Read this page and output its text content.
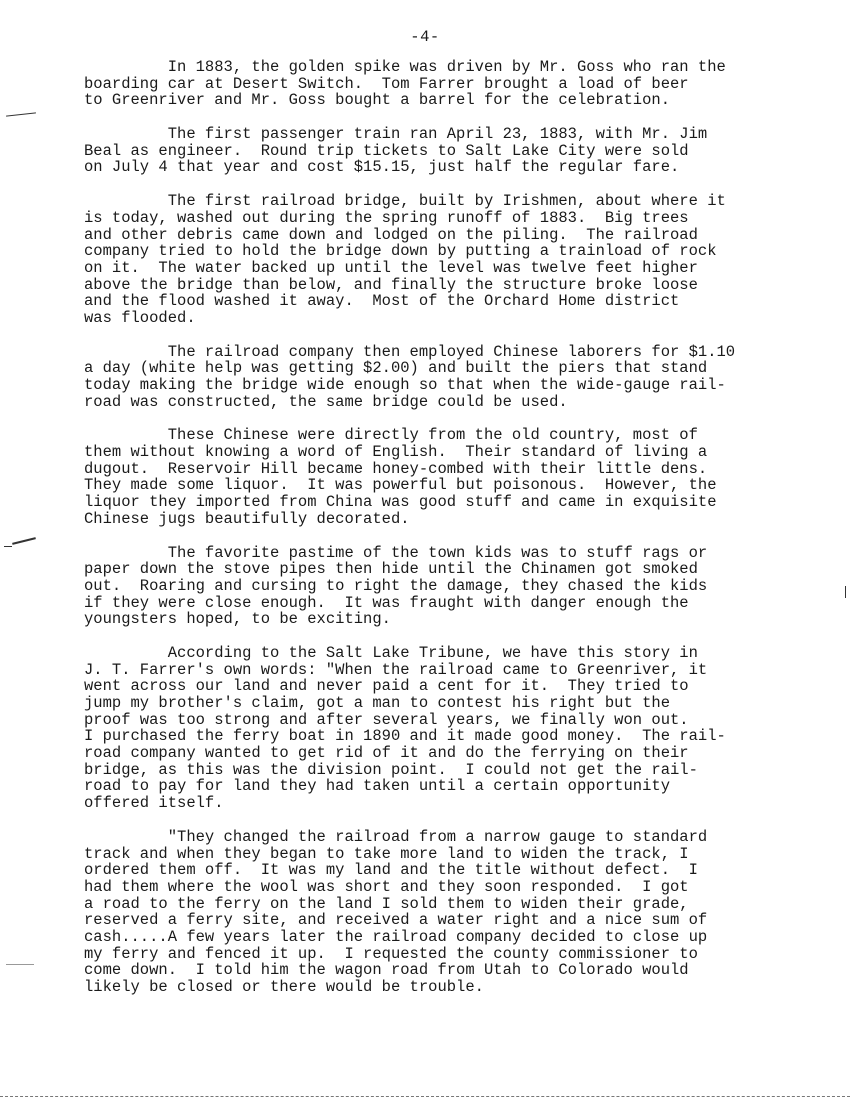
-4-
In 1883, the golden spike was driven by Mr. Goss who ran the
boarding car at Desert Switch.  Tom Farrer brought a load of beer
to Greenriver and Mr. Goss bought a barrel for the celebration.
The first passenger train ran April 23, 1883, with Mr. Jim
Beal as engineer.  Round trip tickets to Salt Lake City were sold
on July 4 that year and cost $15.15, just half the regular fare.
The first railroad bridge, built by Irishmen, about where it
is today, washed out during the spring runoff of 1883.  Big trees
and other debris came down and lodged on the piling.  The railroad
company tried to hold the bridge down by putting a trainload of rock
on it.  The water backed up until the level was twelve feet higher
above the bridge than below, and finally the structure broke loose
and the flood washed it away.  Most of the Orchard Home district
was flooded.
The railroad company then employed Chinese laborers for $1.10
a day (white help was getting $2.00) and built the piers that stand
today making the bridge wide enough so that when the wide-gauge rail-
road was constructed, the same bridge could be used.
These Chinese were directly from the old country, most of
them without knowing a word of English.  Their standard of living a
dugout.  Reservoir Hill became honey-combed with their little dens.
They made some liquor.  It was powerful but poisonous.  However, the
liquor they imported from China was good stuff and came in exquisite
Chinese jugs beautifully decorated.
The favorite pastime of the town kids was to stuff rags or
paper down the stove pipes then hide until the Chinamen got smoked
out.  Roaring and cursing to right the damage, they chased the kids
if they were close enough.  It was fraught with danger enough the
youngsters hoped, to be exciting.
According to the Salt Lake Tribune, we have this story in
J. T. Farrer's own words: "When the railroad came to Greenriver, it
went across our land and never paid a cent for it.  They tried to
jump my brother's claim, got a man to contest his right but the
proof was too strong and after several years, we finally won out.
I purchased the ferry boat in 1890 and it made good money.  The rail-
road company wanted to get rid of it and do the ferrying on their
bridge, as this was the division point.  I could not get the rail-
road to pay for land they had taken until a certain opportunity
offered itself.
"They changed the railroad from a narrow gauge to standard
track and when they began to take more land to widen the track, I
ordered them off.  It was my land and the title without defect.  I
had them where the wool was short and they soon responded.  I got
a road to the ferry on the land I sold them to widen their grade,
reserved a ferry site, and received a water right and a nice sum of
cash.....A few years later the railroad company decided to close up
my ferry and fenced it up.  I requested the county commissioner to
come down.  I told him the wagon road from Utah to Colorado would
likely be closed or there would be trouble.
